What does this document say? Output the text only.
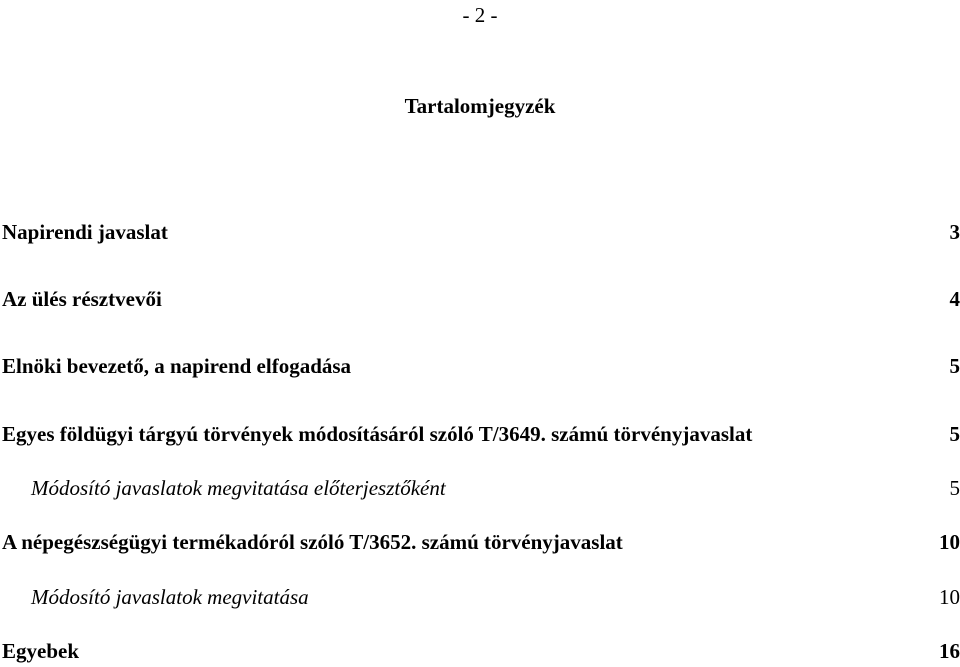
- 2 -
Tartalomjegyzék
Napirendi javaslat	3
Az ülés résztvevői	4
Elnöki bevezető, a napirend elfogadása	5
Egyes földügyi tárgyú törvények módosításáról szóló T/3649. számú törvényjavaslat	5
Módosító javaslatok megvitatása előterjesztőként	5
A népegészségügyi termékadóról szóló T/3652. számú törvényjavaslat	10
Módosító javaslatok megvitatása	10
Egyebek	16
